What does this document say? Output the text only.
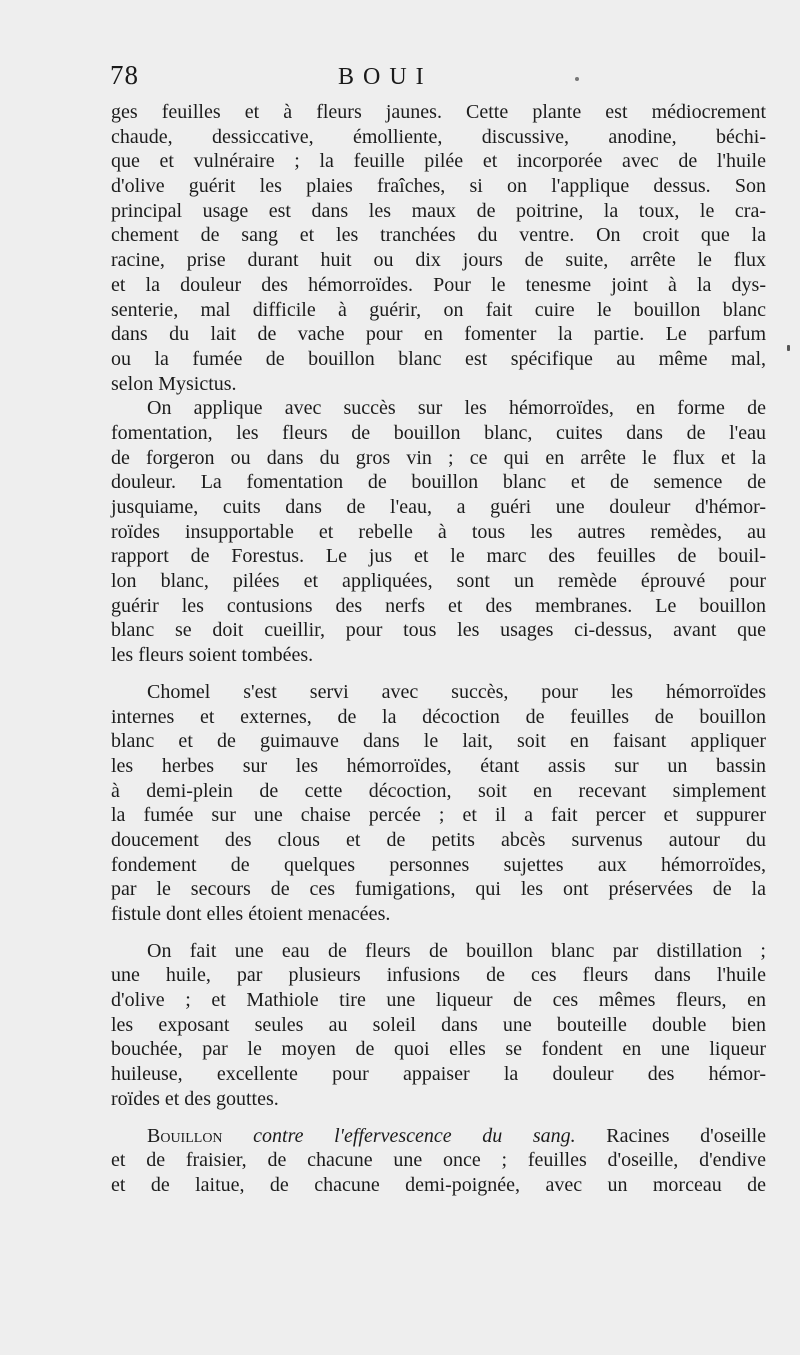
78	BOUI
ges feuilles et à fleurs jaunes. Cette plante est médiocrement
chaude, dessiccative, émolliente, discussive, anodine, béchi-
que et vulnéraire ; la feuille pilée et incorporée avec de l'huile
d'olive guérit les plaies fraîches, si on l'applique dessus. Son
principal usage est dans les maux de poitrine, la toux, le cra-
chement de sang et les tranchées du ventre. On croit que la
racine, prise durant huit ou dix jours de suite, arrête le flux
et la douleur des hémorroïdes. Pour le tenesme joint à la dys-
senterie, mal difficile à guérir, on fait cuire le bouillon blanc
dans du lait de vache pour en fomenter la partie. Le parfum
ou la fumée de bouillon blanc est spécifique au même mal,
selon Mysictus.
On applique avec succès sur les hémorroïdes, en forme de
fomentation, les fleurs de bouillon blanc, cuites dans de l'eau
de forgeron ou dans du gros vin ; ce qui en arrête le flux et la
douleur. La fomentation de bouillon blanc et de semence de
jusquiame, cuits dans de l'eau, a guéri une douleur d'hémor-
roïdes insupportable et rebelle à tous les autres remèdes, au
rapport de Forestus. Le jus et le marc des feuilles de bouil-
lon blanc, pilées et appliquées, sont un remède éprouvé pour
guérir les contusions des nerfs et des membranes. Le bouillon
blanc se doit cueillir, pour tous les usages ci-dessus, avant que
les fleurs soient tombées.
Chomel s'est servi avec succès, pour les hémorroïdes
internes et externes, de la décoction de feuilles de bouillon
blanc et de guimauve dans le lait, soit en faisant appliquer
les herbes sur les hémorroïdes, étant assis sur un bassin
à demi-plein de cette décoction, soit en recevant simplement
la fumée sur une chaise percée ; et il a fait percer et suppurer
doucement des clous et de petits abcès survenus autour du
fondement de quelques personnes sujettes aux hémorroïdes,
par le secours de ces fumigations, qui les ont préservées de la
fistule dont elles étoient menacées.
On fait une eau de fleurs de bouillon blanc par distillation ;
une huile, par plusieurs infusions de ces fleurs dans l'huile
d'olive ; et Mathiole tire une liqueur de ces mêmes fleurs, en
les exposant seules au soleil dans une bouteille double bien
bouchée, par le moyen de quoi elles se fondent en une liqueur
huileuse, excellente pour appaiser la douleur des hémor-
roïdes et des gouttes.
Bouillon contre l'effervescence du sang. Racines d'oseille
et de fraisier, de chacune une once ; feuilles d'oseille, d'endive
et de laitue, de chacune demi-poignée, avec un morceau de
